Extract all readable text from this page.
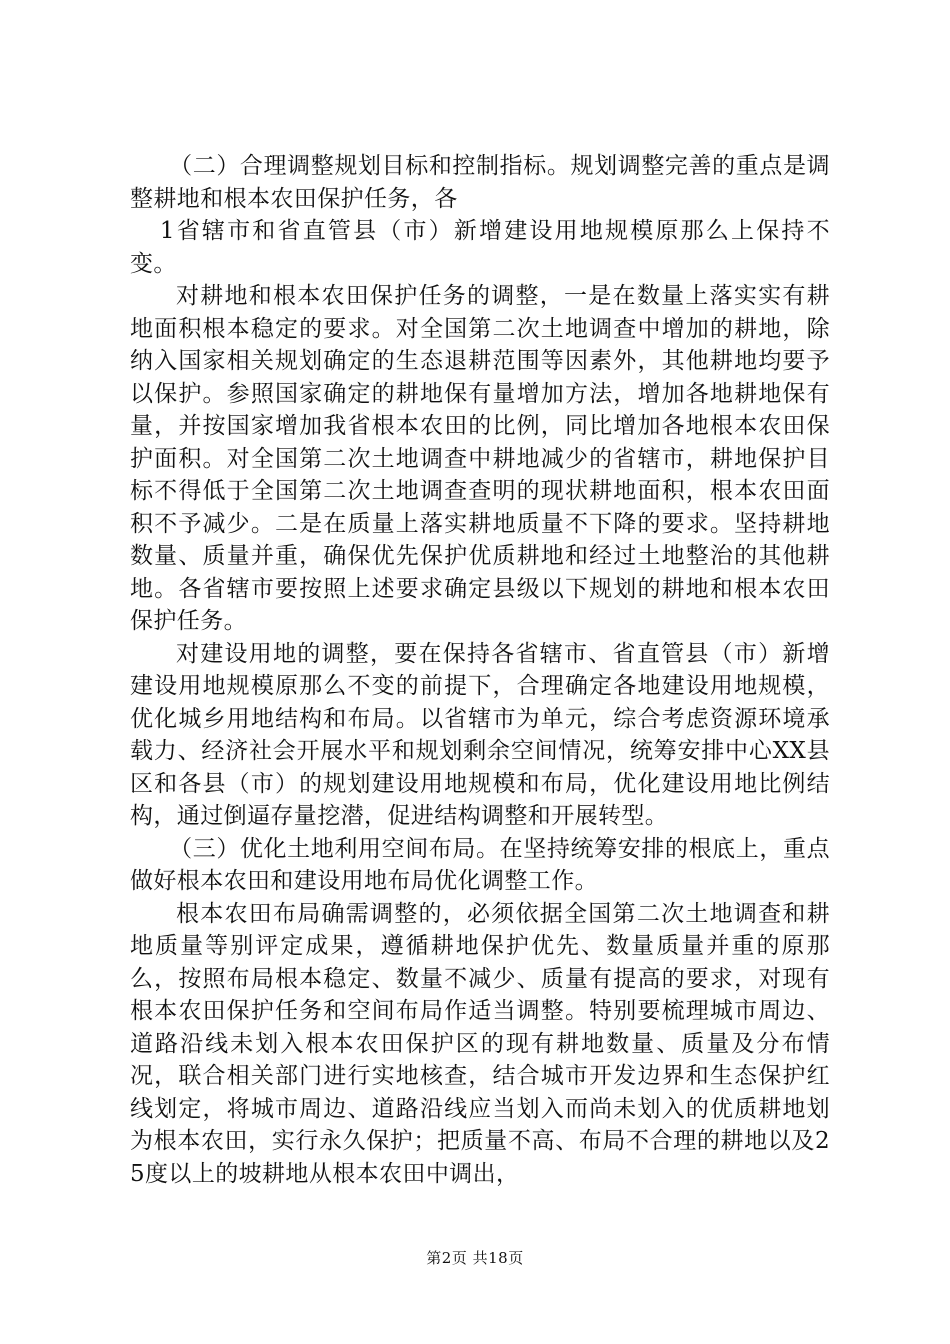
（二）合理调整规划目标和控制指标。规划调整完善的重点是调整耕地和根本农田保护任务，各

1省辖市和省直管县（市）新增建设用地规模原那么上保持不变。

对耕地和根本农田保护任务的调整，一是在数量上落实实有耕地面积根本稳定的要求。对全国第二次土地调查中增加的耕地，除纳入国家相关规划确定的生态退耕范围等因素外，其他耕地均要予以保护。参照国家确定的耕地保有量增加方法，增加各地耕地保有量，并按国家增加我省根本农田的比例，同比增加各地根本农田保护面积。对全国第二次土地调查中耕地减少的省辖市，耕地保护目标不得低于全国第二次土地调查查明的现状耕地面积，根本农田面积不予减少。二是在质量上落实耕地质量不下降的要求。坚持耕地数量、质量并重，确保优先保护优质耕地和经过土地整治的其他耕地。各省辖市要按照上述要求确定县级以下规划的耕地和根本农田保护任务。

对建设用地的调整，要在保持各省辖市、省直管县（市）新增建设用地规模原那么不变的前提下，合理确定各地建设用地规模，优化城乡用地结构和布局。以省辖市为单元，综合考虑资源环境承载力、经济社会开展水平和规划剩余空间情况，统筹安排中心XX县区和各县（市）的规划建设用地规模和布局，优化建设用地比例结构，通过倒逼存量挖潜，促进结构调整和开展转型。

（三）优化土地利用空间布局。在坚持统筹安排的根底上，重点做好根本农田和建设用地布局优化调整工作。

根本农田布局确需调整的，必须依据全国第二次土地调查和耕地质量等别评定成果，遵循耕地保护优先、数量质量并重的原那么，按照布局根本稳定、数量不减少、质量有提高的要求，对现有根本农田保护任务和空间布局作适当调整。特别要梳理城市周边、道路沿线未划入根本农田保护区的现有耕地数量、质量及分布情况，联合相关部门进行实地核查，结合城市开发边界和生态保护红线划定，将城市周边、道路沿线应当划入而尚未划入的优质耕地划为根本农田，实行永久保护；把质量不高、布局不合理的耕地以及25度以上的坡耕地从根本农田中调出，

第2页 共18页
